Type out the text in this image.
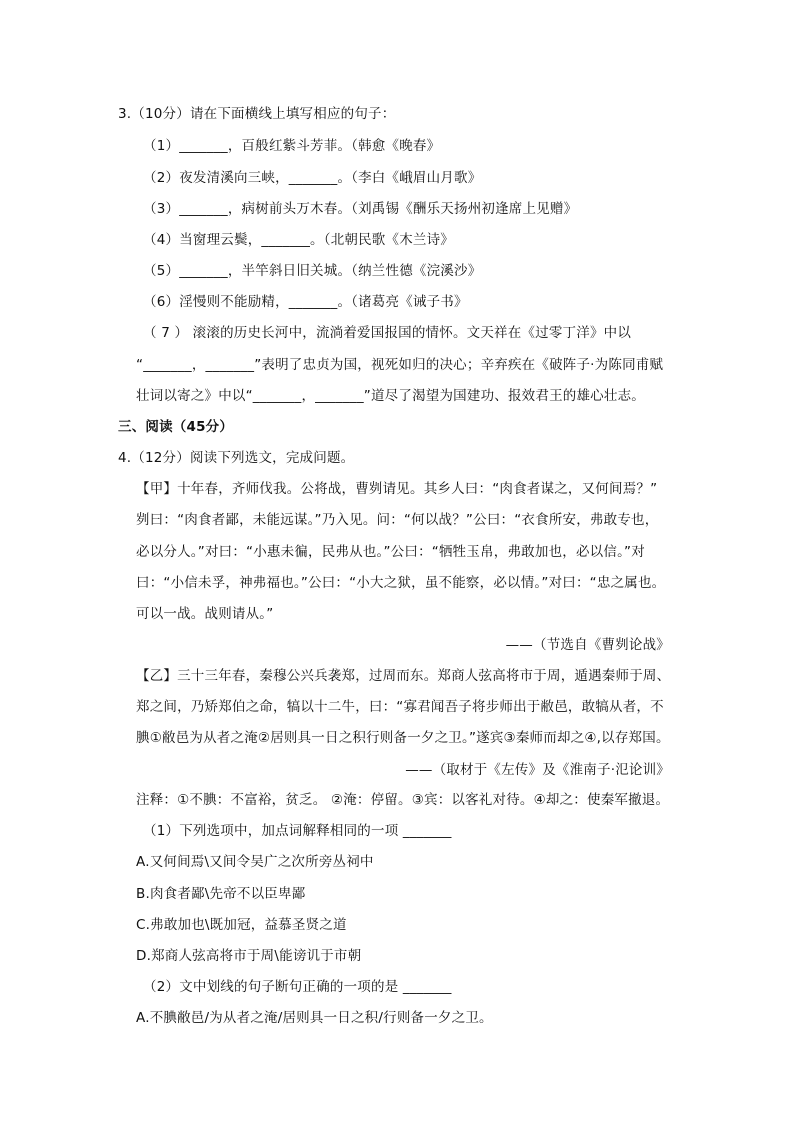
3.（10分）请在下面横线上填写相应的句子：
（1）_______，百般红紫斗芳菲。（韩愈《晚春》
（2）夜发清溪向三峡，_______。（李白《峨眉山月歌》
（3）_______，病树前头万木春。（刘禹锡《酬乐天扬州初逢席上见赠》
（4）当窗理云鬓，_______。（北朝民歌《木兰诗》
（5）_______，半竿斜日旧关城。（纳兰性德《浣溪沙》
（6）淫慢则不能励精，_______。（诸葛亮《诫子书》
（ 7 ） 滚滚的历史长河中，流淌着爱国报国的情怀。文天祥在《过零丁洋》中以
“_______，_______”表明了忠贞为国，视死如归的决心；辛弃疾在《破阵子·为陈同甫赋
壮词以寄之》中以“_______，_______”道尽了渴望为国建功、报效君王的雄心壮志。
三、阅读（45分）
4.（12分）阅读下列选文，完成问题。
【甲】十年春，齐师伐我。公将战，曹刿请见。其乡人曰：“肉食者谋之，又何间焉？”
刿曰：“肉食者鄙，未能远谋。”乃入见。问：“何以战？”公曰：“衣食所安，弗敢专也，
必以分人。”对曰：“小惠未徧，民弗从也。”公曰：“牺牲玉帛，弗敢加也，必以信。”对
曰：“小信未孚，神弗福也。”公曰：“小大之狱，虽不能察，必以情。”对曰：“忠之属也。
可以一战。战则请从。”
——（节选自《曹刿论战》
【乙】三十三年春，秦穆公兴兵袭郑，过周而东。郑商人弦高将市于周，遁遇秦师于周、
郑之间，乃矫郑伯之命，犒以十二牛，曰：“寡君闻吾子将步师出于敝邑，敢犒从者，不
腆①敝邑为从者之淹②居则具一日之积行则备一夕之卫。”遂宾③秦师而却之④,以存郑国。
——（取材于《左传》及《淮南子·氾论训》
注释：①不腆：不富裕，贫乏。 ②淹：停留。③宾：以客礼对待。④却之：使秦军撤退。
（1）下列选项中，加点词解释相同的一项 _______
A.又何间焉\又间令吴广之次所旁丛祠中
B.肉食者鄙\先帝不以臣卑鄙
C.弗敢加也\既加冠，益慕圣贤之道
D.郑商人弦高将市于周\能谤讥于市朝
（2）文中划线的句子断句正确的一项的是 _______
A.不腆敝邑/为从者之淹/居则具一日之积/行则备一夕之卫。
